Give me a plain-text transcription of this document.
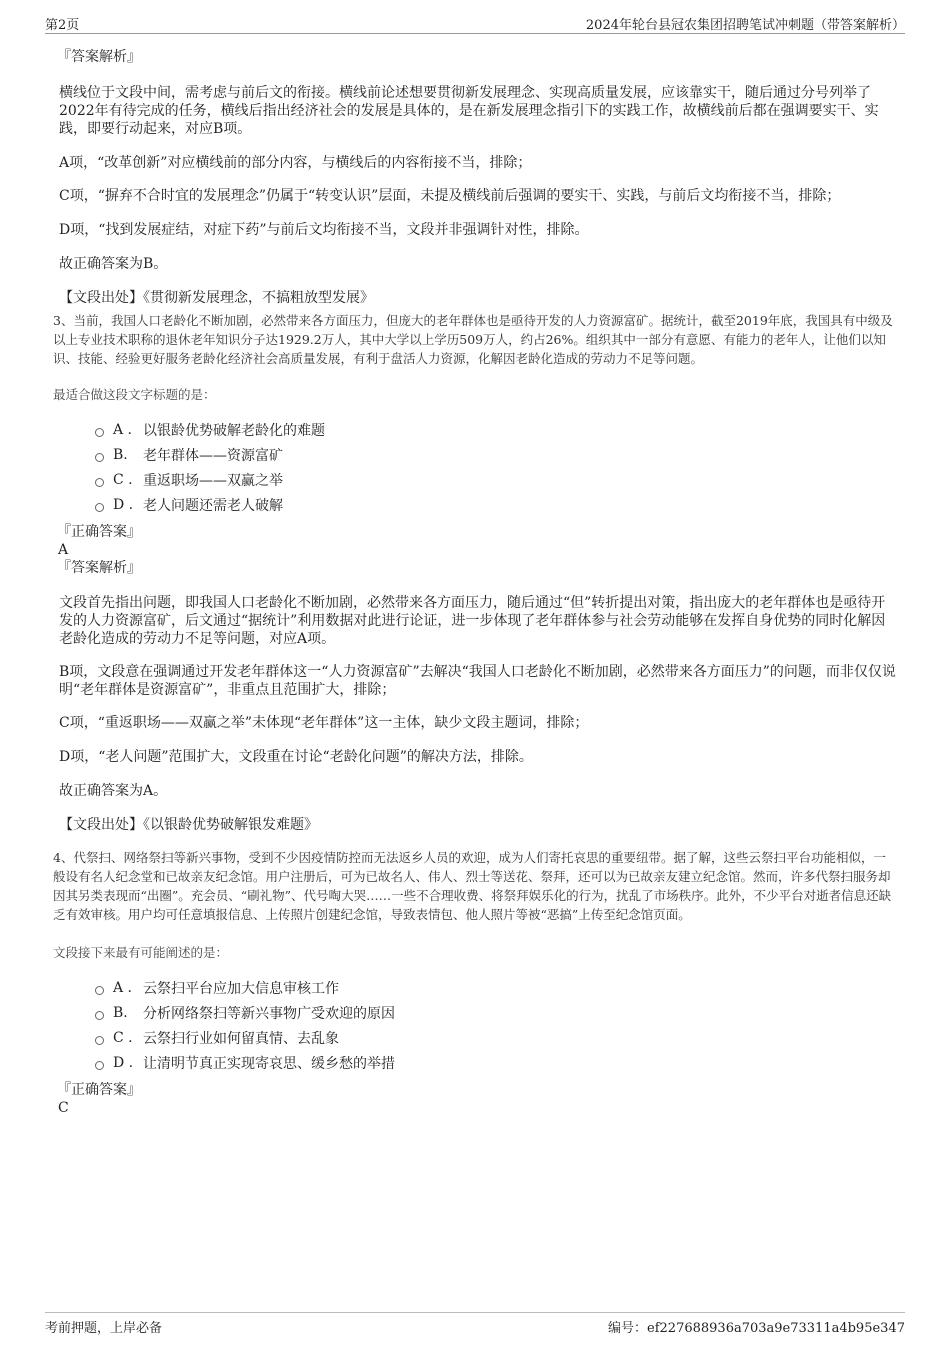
第2页	2024年轮台县冠农集团招聘笔试冲刺题（带答案解析）
『答案解析』
横线位于文段中间，需考虑与前后文的衔接。横线前论述想要贯彻新发展理念、实现高质量发展，应该靠实干，随后通过分号列举了2022年有待完成的任务，横线后指出经济社会的发展是具体的，是在新发展理念指引下的实践工作，故横线前后都在强调要实干、实践，即要行动起来，对应B项。
A项，“改革创新”对应横线前的部分内容，与横线后的内容衔接不当，排除；
C项，“摒弃不合时宜的发展理念”仍属于“转变认识”层面，未提及横线前后强调的要实干、实践，与前后文均衔接不当，排除；
D项，“找到发展症结，对症下药”与前后文均衔接不当，文段并非强调针对性，排除。
故正确答案为B。
【文段出处】《贯彻新发展理念，不搞粗放型发展》
3、当前，我国人口老龄化不断加剧，必然带来各方面压力，但庞大的老年群体也是亟待开发的人力资源富矿。据统计，截至2019年底，我国具有中级及以上专业技术职称的退休老年知识分子达1929.2万人，其中大学以上学历509万人，约占26%。组织其中一部分有意愿、有能力的老年人，让他们以知识、技能、经验更好服务老龄化经济社会高质量发展，有利于盘活人力资源，化解因老龄化造成的劳动力不足等问题。
最适合做这段文字标题的是：
A . 以银龄优势破解老龄化的难题
B.	老年群体——资源富矿
C . 重返职场——双赢之举
D . 老人问题还需老人破解
『正确答案』
A
『答案解析』
文段首先指出问题，即我国人口老龄化不断加剧，必然带来各方面压力，随后通过“但”转折提出对策，指出庞大的老年群体也是亟待开发的人力资源富矿，后文通过“据统计”利用数据对此进行论证，进一步体现了老年群体参与社会劳动能够在发挥自身优势的同时化解因老龄化造成的劳动力不足等问题，对应A项。
B项，文段意在强调通过开发老年群体这一“人力资源富矿”去解决“我国人口老龄化不断加剧，必然带来各方面压力”的问题，而非仅仅说明“老年群体是资源富矿”，非重点且范围扩大，排除；
C项，“重返职场——双赢之举”未体现“老年群体”这一主体，缺少文段主题词，排除；
D项，“老人问题”范围扩大，文段重在讨论“老龄化问题”的解决方法，排除。
故正确答案为A。
【文段出处】《以银龄优势破解银发难题》
4、代祭扫、网络祭扫等新兴事物，受到不少因疫情防控而无法返乡人员的欢迎，成为人们寄托哀思的重要纽带。据了解，这些云祭扫平台功能相似，一般设有名人纪念堂和已故亲友纪念馆。用户注册后，可为已故名人、伟人、烈士等送花、祭拜，还可以为已故亲友建立纪念馆。然而，许多代祭扫服务却因其另类表现而“出圈”。充会员、“刷礼物”、代号啕大哭……一些不合理收费、将祭拜娱乐化的行为，扰乱了市场秩序。此外，不少平台对逝者信息还缺乏有效审核。用户均可任意填报信息、上传照片创建纪念馆，导致表情包、他人照片等被“恶搞”上传至纪念馆页面。
文段接下来最有可能阐述的是：
A . 云祭扫平台应加大信息审核工作
B.	分析网络祭扫等新兴事物广受欢迎的原因
C . 云祭扫行业如何留真情、去乱象
D . 让清明节真正实现寄哀思、缓乡愁的举措
『正确答案』
C
考前押题，上岸必备	编号：ef227688936a703a9e73311a4b95e347
